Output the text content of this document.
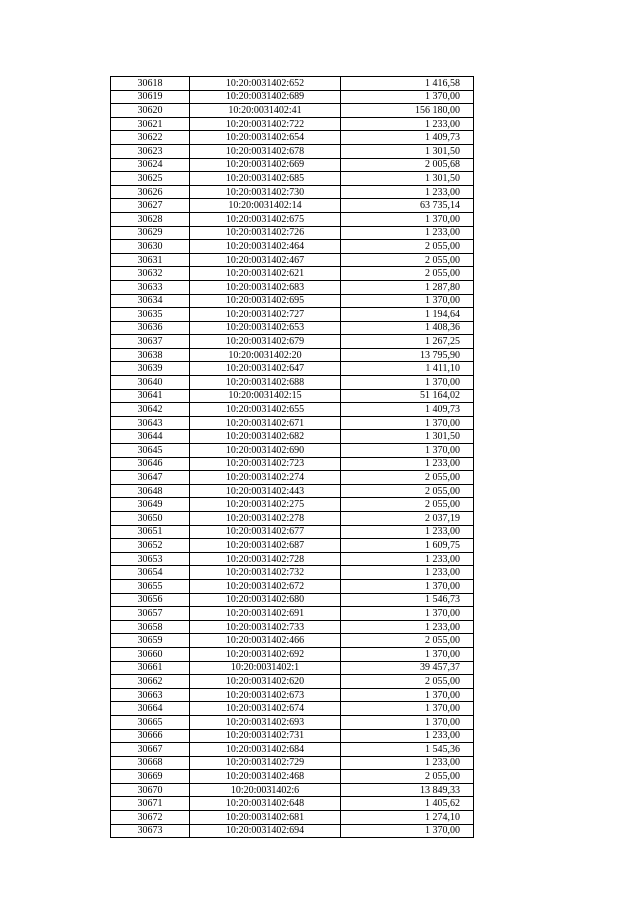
30618	10:20:0031402:652	1 416,58
30619	10:20:0031402:689	1 370,00
30620	10:20:0031402:41	156 180,00
30621	10:20:0031402:722	1 233,00
30622	10:20:0031402:654	1 409,73
30623	10:20:0031402:678	1 301,50
30624	10:20:0031402:669	2 005,68
30625	10:20:0031402:685	1 301,50
30626	10:20:0031402:730	1 233,00
30627	10:20:0031402:14	63 735,14
30628	10:20:0031402:675	1 370,00
30629	10:20:0031402:726	1 233,00
30630	10:20:0031402:464	2 055,00
30631	10:20:0031402:467	2 055,00
30632	10:20:0031402:621	2 055,00
30633	10:20:0031402:683	1 287,80
30634	10:20:0031402:695	1 370,00
30635	10:20:0031402:727	1 194,64
30636	10:20:0031402:653	1 408,36
30637	10:20:0031402:679	1 267,25
30638	10:20:0031402:20	13 795,90
30639	10:20:0031402:647	1 411,10
30640	10:20:0031402:688	1 370,00
30641	10:20:0031402:15	51 164,02
30642	10:20:0031402:655	1 409,73
30643	10:20:0031402:671	1 370,00
30644	10:20:0031402:682	1 301,50
30645	10:20:0031402:690	1 370,00
30646	10:20:0031402:723	1 233,00
30647	10:20:0031402:274	2 055,00
30648	10:20:0031402:443	2 055,00
30649	10:20:0031402:275	2 055,00
30650	10:20:0031402:278	2 037,19
30651	10:20:0031402:677	1 233,00
30652	10:20:0031402:687	1 609,75
30653	10:20:0031402:728	1 233,00
30654	10:20:0031402:732	1 233,00
30655	10:20:0031402:672	1 370,00
30656	10:20:0031402:680	1 546,73
30657	10:20:0031402:691	1 370,00
30658	10:20:0031402:733	1 233,00
30659	10:20:0031402:466	2 055,00
30660	10:20:0031402:692	1 370,00
30661	10:20:0031402:1	39 457,37
30662	10:20:0031402:620	2 055,00
30663	10:20:0031402:673	1 370,00
30664	10:20:0031402:674	1 370,00
30665	10:20:0031402:693	1 370,00
30666	10:20:0031402:731	1 233,00
30667	10:20:0031402:684	1 545,36
30668	10:20:0031402:729	1 233,00
30669	10:20:0031402:468	2 055,00
30670	10:20:0031402:6	13 849,33
30671	10:20:0031402:648	1 405,62
30672	10:20:0031402:681	1 274,10
30673	10:20:0031402:694	1 370,00
